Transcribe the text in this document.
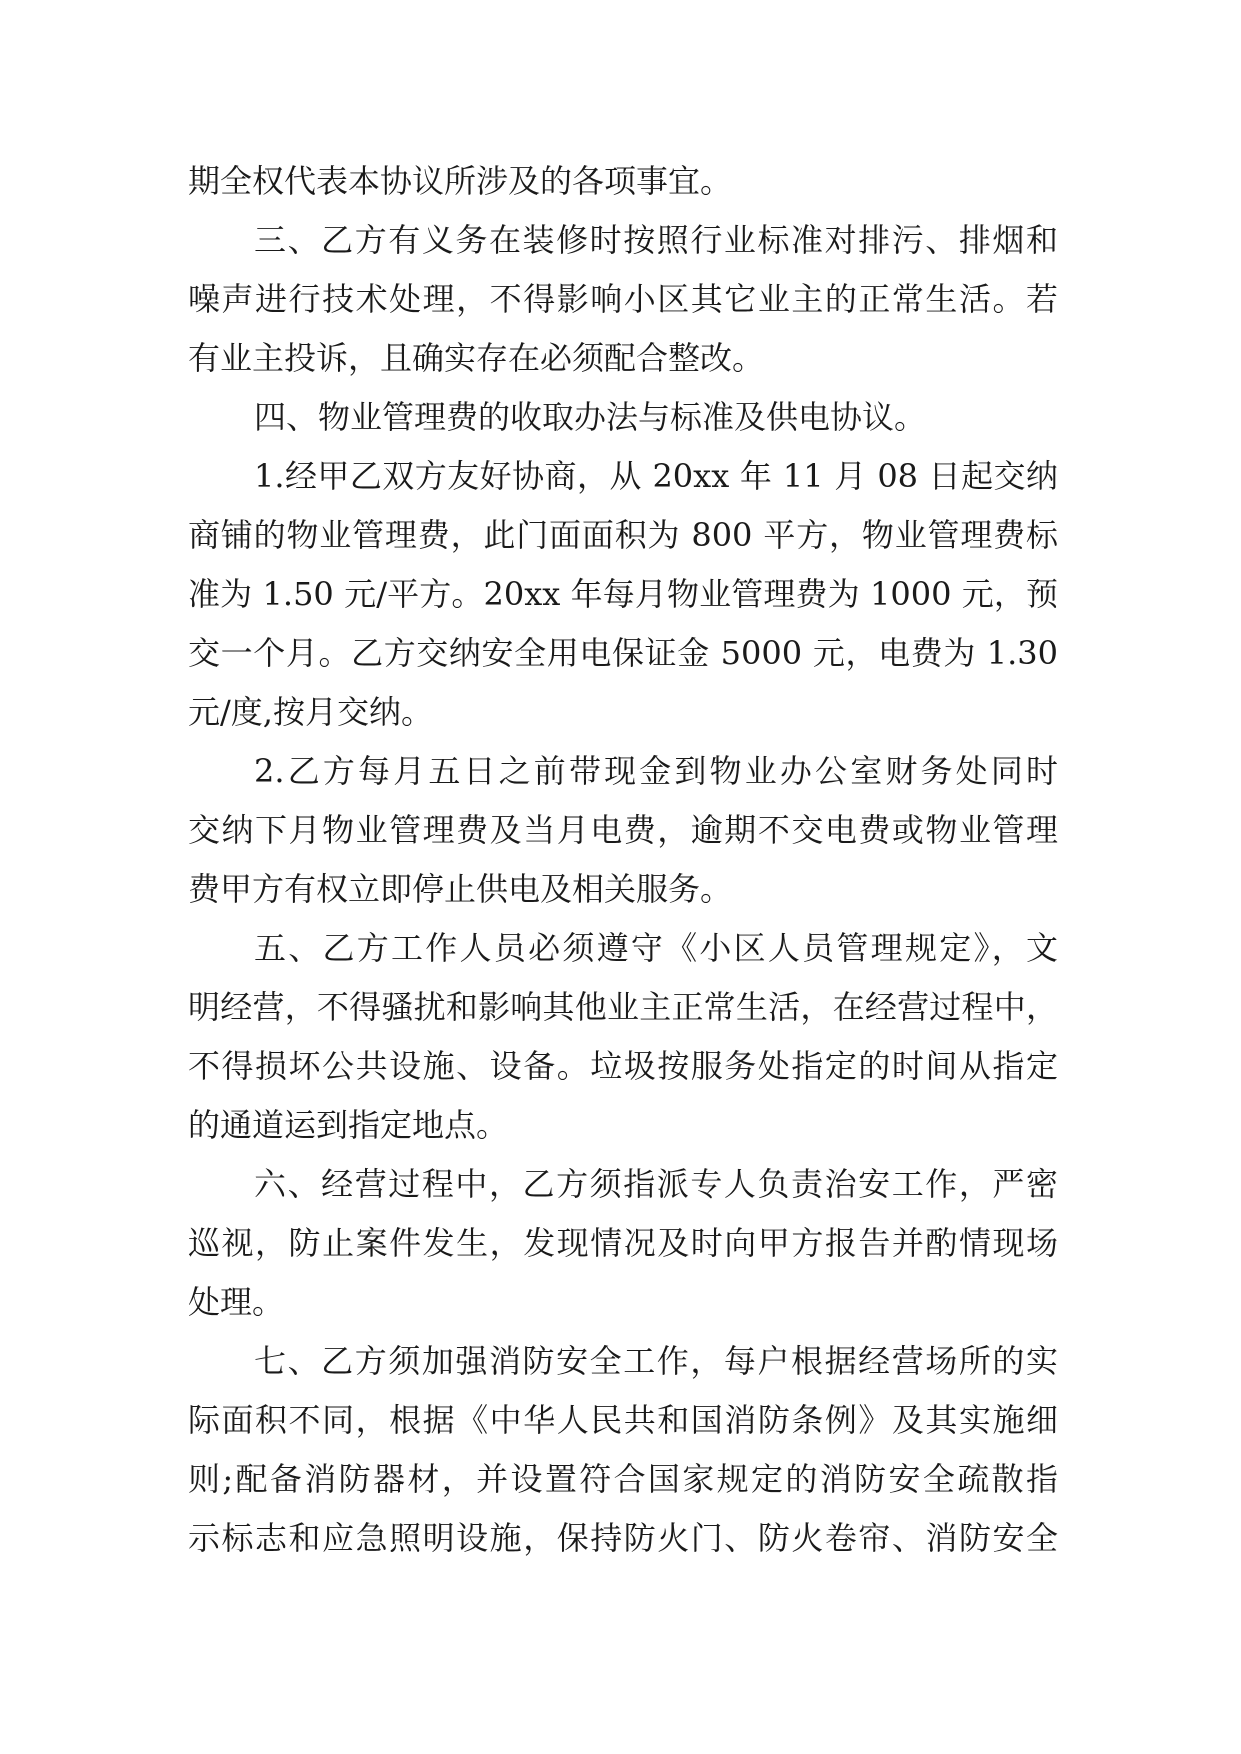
期全权代表本协议所涉及的各项事宜。
三、乙方有义务在装修时按照行业标准对排污、排烟和
噪声进行技术处理，不得影响小区其它业主的正常生活。若
有业主投诉，且确实存在必须配合整改。
四、物业管理费的收取办法与标准及供电协议。
1.经甲乙双方友好协商，从 20xx 年 11 月 08 日起交纳
商铺的物业管理费，此门面面积为 800 平方，物业管理费标
准为 1.50 元/平方。20xx 年每月物业管理费为 1000 元，预
交一个月。乙方交纳安全用电保证金 5000 元，电费为 1.30
元/度,按月交纳。
2.乙方每月五日之前带现金到物业办公室财务处同时
交纳下月物业管理费及当月电费，逾期不交电费或物业管理
费甲方有权立即停止供电及相关服务。
五、乙方工作人员必须遵守《小区人员管理规定》，文
明经营，不得骚扰和影响其他业主正常生活，在经营过程中，
不得损坏公共设施、设备。垃圾按服务处指定的时间从指定
的通道运到指定地点。
六、经营过程中，乙方须指派专人负责治安工作，严密
巡视，防止案件发生，发现情况及时向甲方报告并酌情现场
处理。
七、乙方须加强消防安全工作，每户根据经营场所的实
际面积不同，根据《中华人民共和国消防条例》及其实施细
则;配备消防器材，并设置符合国家规定的消防安全疏散指
示标志和应急照明设施，保持防火门、防火卷帘、消防安全
